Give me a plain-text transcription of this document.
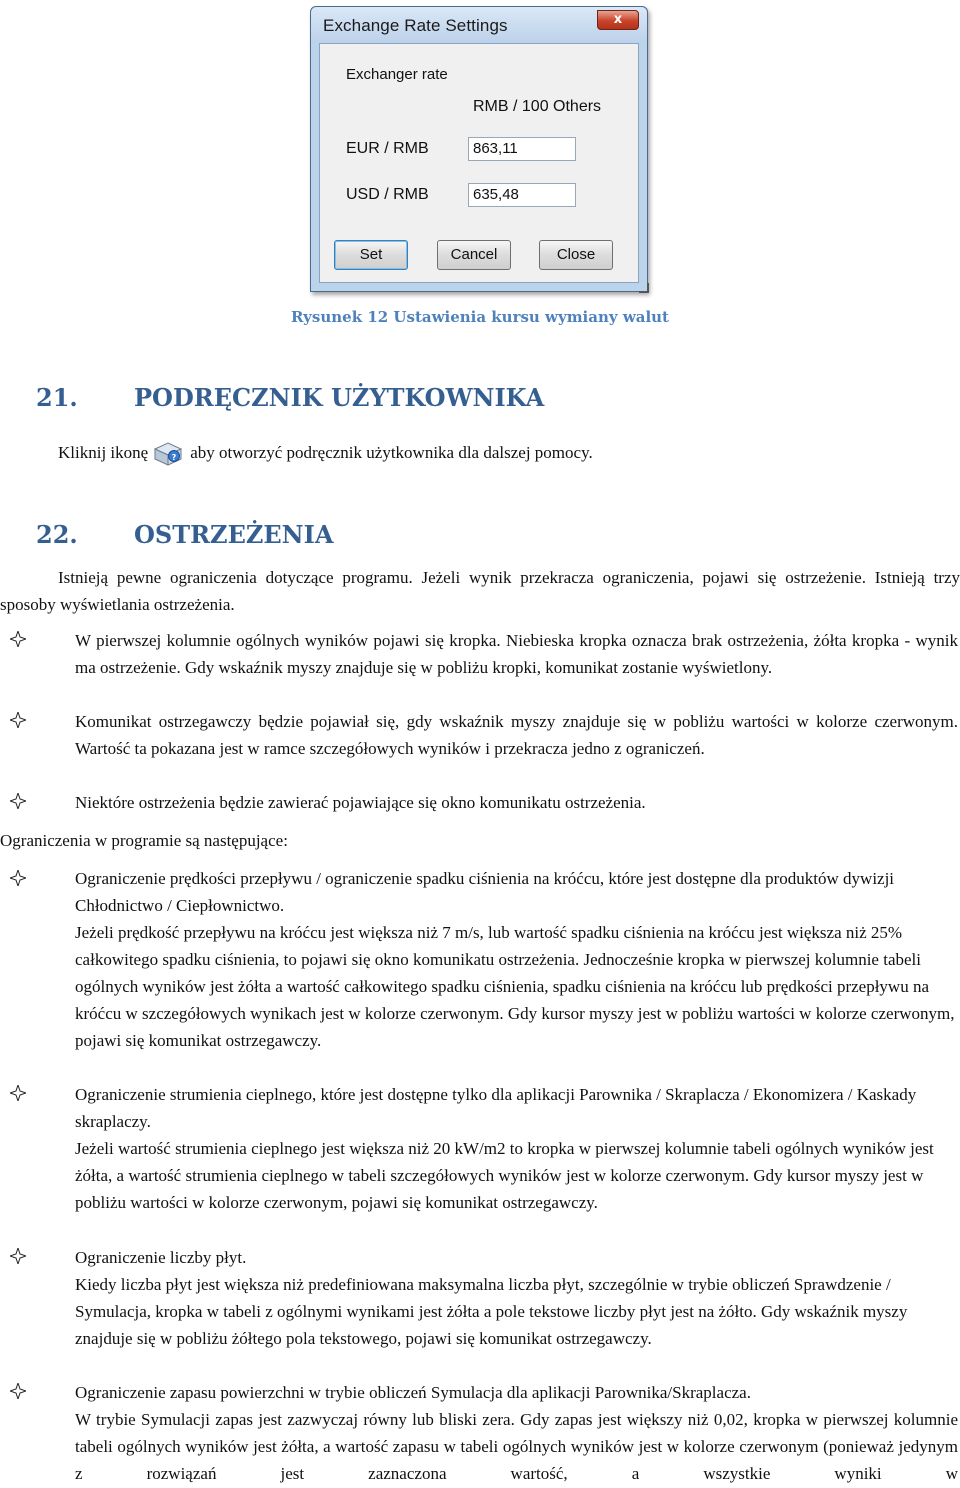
Exchange Rate Settings	x
Exchanger rate
RMB / 100 Others
EUR / RMB	863,11
USD / RMB	635,48
Set	Cancel	Close
Rysunek 12 Ustawienia kursu wymiany walut
21. PODRĘCZNIK UŻYTKOWNIKA
Kliknij ikonę	? aby otworzyć podręcznik użytkownika dla dalszej pomocy.
22. OSTRZEŻENIA
Istnieją pewne ograniczenia dotyczące programu. Jeżeli wynik przekracza ograniczenia, pojawi się ostrzeżenie. Istnieją trzy sposoby wyświetlania ostrzeżenia.
W pierwszej kolumnie ogólnych wyników pojawi się kropka. Niebieska kropka oznacza brak ostrzeżenia, żółta kropka - wynik ma ostrzeżenie. Gdy wskaźnik myszy znajduje się w pobliżu kropki, komunikat zostanie wyświetlony.
Komunikat ostrzegawczy będzie pojawiał się, gdy wskaźnik myszy znajduje się w pobliżu wartości w kolorze czerwonym. Wartość ta pokazana jest w ramce szczegółowych wyników i przekracza jedno z ograniczeń.
Niektóre ostrzeżenia będzie zawierać pojawiające się okno komunikatu ostrzeżenia.
Ograniczenia w programie są następujące:
Ograniczenie prędkości przepływu / ograniczenie spadku ciśnienia na króćcu, które jest dostępne dla produktów dywizji Chłodnictwo / Ciepłownictwo.
Jeżeli prędkość przepływu na króćcu jest większa niż 7 m/s, lub wartość spadku ciśnienia na króćcu jest większa niż 25% całkowitego spadku ciśnienia, to pojawi się okno komunikatu ostrzeżenia. Jednocześnie kropka w pierwszej kolumnie tabeli ogólnych wyników jest żółta a wartość całkowitego spadku ciśnienia, spadku ciśnienia na króćcu lub prędkości przepływu na króćcu w szczegółowych wynikach jest w kolorze czerwonym. Gdy kursor myszy jest w pobliżu wartości w kolorze czerwonym, pojawi się komunikat ostrzegawczy.
Ograniczenie strumienia cieplnego, które jest dostępne tylko dla aplikacji Parownika / Skraplacza / Ekonomizera / Kaskady skraplaczy.
Jeżeli wartość strumienia cieplnego jest większa niż 20 kW/m2 to kropka w pierwszej kolumnie tabeli ogólnych wyników jest żółta, a wartość strumienia cieplnego w tabeli szczegółowych wyników jest w kolorze czerwonym. Gdy kursor myszy jest w pobliżu wartości w kolorze czerwonym, pojawi się komunikat ostrzegawczy.
Ograniczenie liczby płyt.
Kiedy liczba płyt jest większa niż predefiniowana maksymalna liczba płyt, szczególnie w trybie obliczeń Sprawdzenie / Symulacja, kropka w tabeli z ogólnymi wynikami jest żółta a pole tekstowe liczby płyt jest na żółto. Gdy wskaźnik myszy znajduje się w pobliżu żółtego pola tekstowego, pojawi się komunikat ostrzegawczy.
Ograniczenie zapasu powierzchni w trybie obliczeń Symulacja dla aplikacji Parownika/Skraplacza.
W trybie Symulacji zapas jest zazwyczaj równy lub bliski zera. Gdy zapas jest większy niż 0,02, kropka w pierwszej kolumnie tabeli ogólnych wyników jest żółta, a wartość zapasu w tabeli ogólnych wyników jest w kolorze czerwonym (ponieważ jedynym z rozwiązań jest zaznaczona wartość, a wszystkie wyniki w
